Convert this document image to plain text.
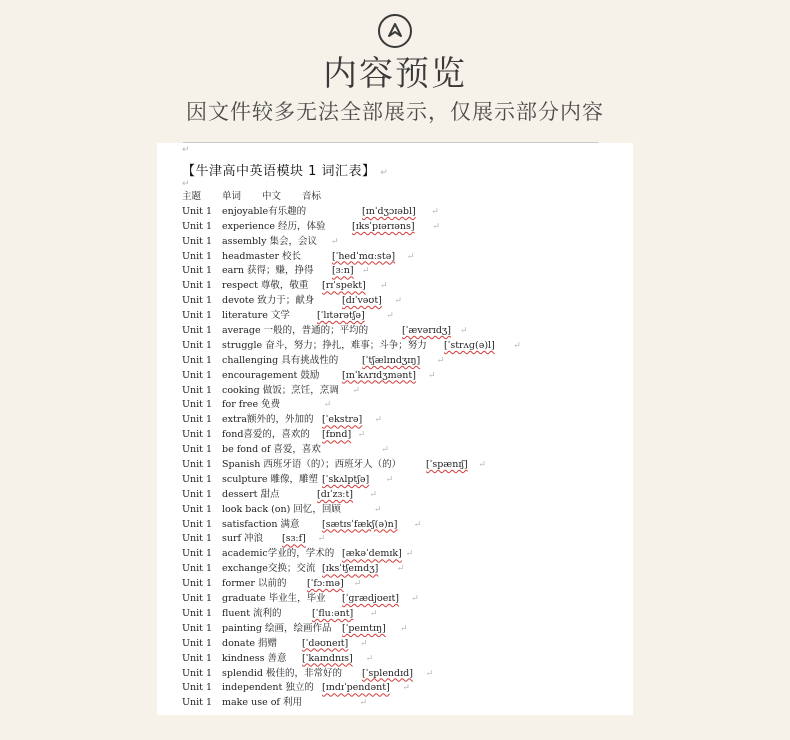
内容预览
因文件较多无法全部展示，仅展示部分内容
↵
【牛津高中英语模块 1 词汇表】 ↵
↵
主题 单词 中文 音标
Unit 1 enjoyable有乐趣的	[ɪnˈdʒɔɪəbl] ↵
Unit 1 experience 经历，体验	[ɪksˈpɪərɪəns] ↵
Unit 1 assembly 集会，会议 ↵
Unit 1 headmaster 校长	[ˈhedˈmɑːstə] ↵
Unit 1 earn 获得；赚，挣得 [ɜːn] ↵
Unit 1 respect 尊敬，敬重 [rɪˈspekt] ↵
Unit 1 devote 致力于；献身	[dɪˈvəʊt] ↵
Unit 1 literature 文学	[ˈlɪtərətʃə] ↵
Unit 1 average 一般的，普通的；平均的	[ˈævərɪdʒ] ↵
Unit 1 struggle 奋斗，努力；挣扎，难事；斗争；努力 [ˈstrʌɡ(ə)l] ↵
Unit 1 challenging 具有挑战性的 [ˈtʃælɪndʒɪŋ] ↵
Unit 1 encouragement 鼓励 [ɪnˈkʌrɪdʒmənt] ↵
Unit 1 cooking 做饭；烹饪，烹调 ↵
Unit 1 for free 免费	↵
Unit 1 extra额外的，外加的 [ˈekstrə] ↵
Unit 1 fond喜爱的，喜欢的 [fɒnd] ↵
Unit 1 be fond of 喜爱，喜欢	↵
Unit 1 Spanish 西班牙语（的）；西班牙人（的）	[ˈspænɪʃ] ↵
Unit 1 sculpture 雕像，雕塑 [ˈskʌlptʃə] ↵
Unit 1 dessert 甜点	[dɪˈzɜːt] ↵
Unit 1 look back (on) 回忆，回顾	↵
Unit 1 satisfaction 满意 [sætɪsˈfækʃ(ə)n] ↵
Unit 1 surf 冲浪 [sɜːf] ↵
Unit 1 academic学业的，学术的 [ækəˈdemɪk] ↵
Unit 1 exchange交换；交流 [ɪksˈtʃeɪndʒ] ↵
Unit 1 former 以前的 [ˈfɔːmə] ↵
Unit 1 graduate 毕业生，毕业 [ˈɡrædjʊeɪt] ↵
Unit 1 fluent 流利的	[ˈfluːənt] ↵
Unit 1 painting 绘画，绘画作品 [ˈpeɪntɪŋ] ↵
Unit 1 donate 捐赠	[ˈdəʊneɪt] ↵
Unit 1 kindness 善意 [ˈkaɪndnɪs] ↵
Unit 1 splendid 极佳的，非常好的 [ˈsplendɪd] ↵
Unit 1 independent 独立的 [ɪndɪˈpendənt] ↵
Unit 1 make use of 利用	↵
